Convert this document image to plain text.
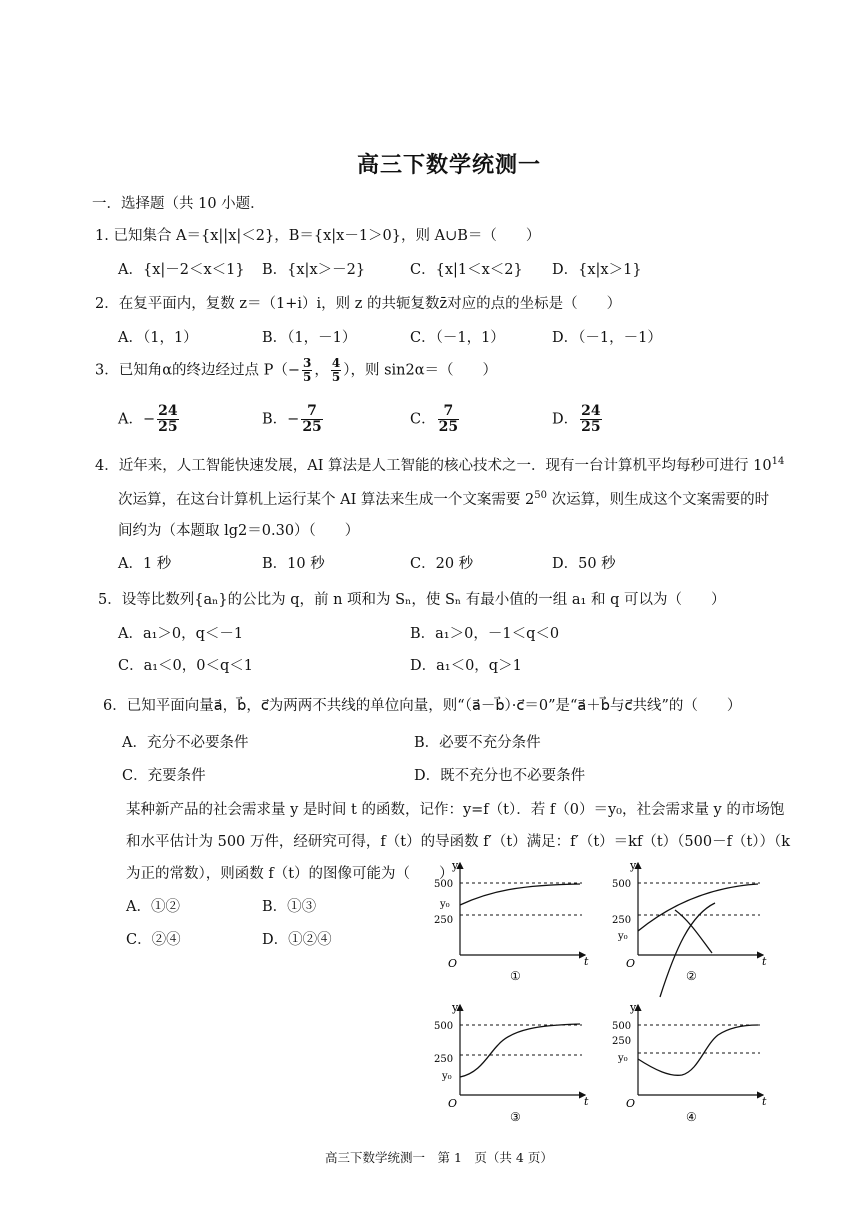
高三下数学统测一
一．选择题（共 10 小题．
1. 已知集合 A＝{x||x|＜2}，B＝{x|x－1＞0}，则 A∪B＝（　　）
A．{x|－2＜x＜1} B．{x|x＞－2}	C．{x|1＜x＜2} D．{x|x＞1}
2．在复平面内，复数 z＝（1+i）i，则 z 的共轭复数z̄对应的点的坐标是（　　）
A．（1，1）	B．（1，－1）	C．（－1，1）	D．（－1，－1）
3．已知角α的终边经过点 $P(- \frac{3}{5}$ ， $\frac{4}{5}$ ），则 sin2α＝（　　）
A．− $\frac{24}{25}$	B．− $\frac{7}{25}$	C． $\frac{7}{25}$	D． $\frac{24}{25}$
4．近年来，人工智能快速发展，AI 算法是人工智能的核心技术之一．现有一台计算机平均每秒可进行 $10^{14}$
次运算，在这台计算机上运行某个 AI 算法来生成一个文案需要 $2^{50}$ 次运算，则生成这个文案需要的时
间约为（本题取 lg2＝0.30）（　　）
A．1 秒	B．10 秒	C．20 秒	D．50 秒
5．设等比数列{aₙ}的公比为 q，前 n 项和为 Sₙ，使 Sₙ 有最小值的一组 a₁ 和 q 可以为（　　）
A．a₁＞0，q＜－1	B．a₁＞0，－1＜q＜0
C．a₁＜0，0＜q＜1	D．a₁＜0，q＞1
6．已知平面向量a⃗，b⃗，c⃗为两两不共线的单位向量，则“（a⃗－b⃗）·c⃗＝0”是“a⃗＋b⃗与c⃗共线”的（　　）
A．充分不必要条件	B．必要不充分条件
C．充要条件	D．既不充分也不必要条件
某种新产品的社会需求量 y 是时间 t 的函数，记作：y=f（t）．若 f（0）＝y₀，社会需求量 y 的市场饱
和水平估计为 500 万件，经研究可得，f（t）的导函数 f′（t）满足：f′（t）＝kf（t）（500－f（t））（k
为正的常数），则函数 f（t）的图像可能为（　　）
A．①②	B．①③
C．②④	D．①②④
y
t
O
500
y₀
250
①
y
t
O
500
250
y₀
②
y
t
O
500
250
y₀
③
y
t
O
500
250
y₀
④
高三下数学统测一　第 1　页（共 4 页）
